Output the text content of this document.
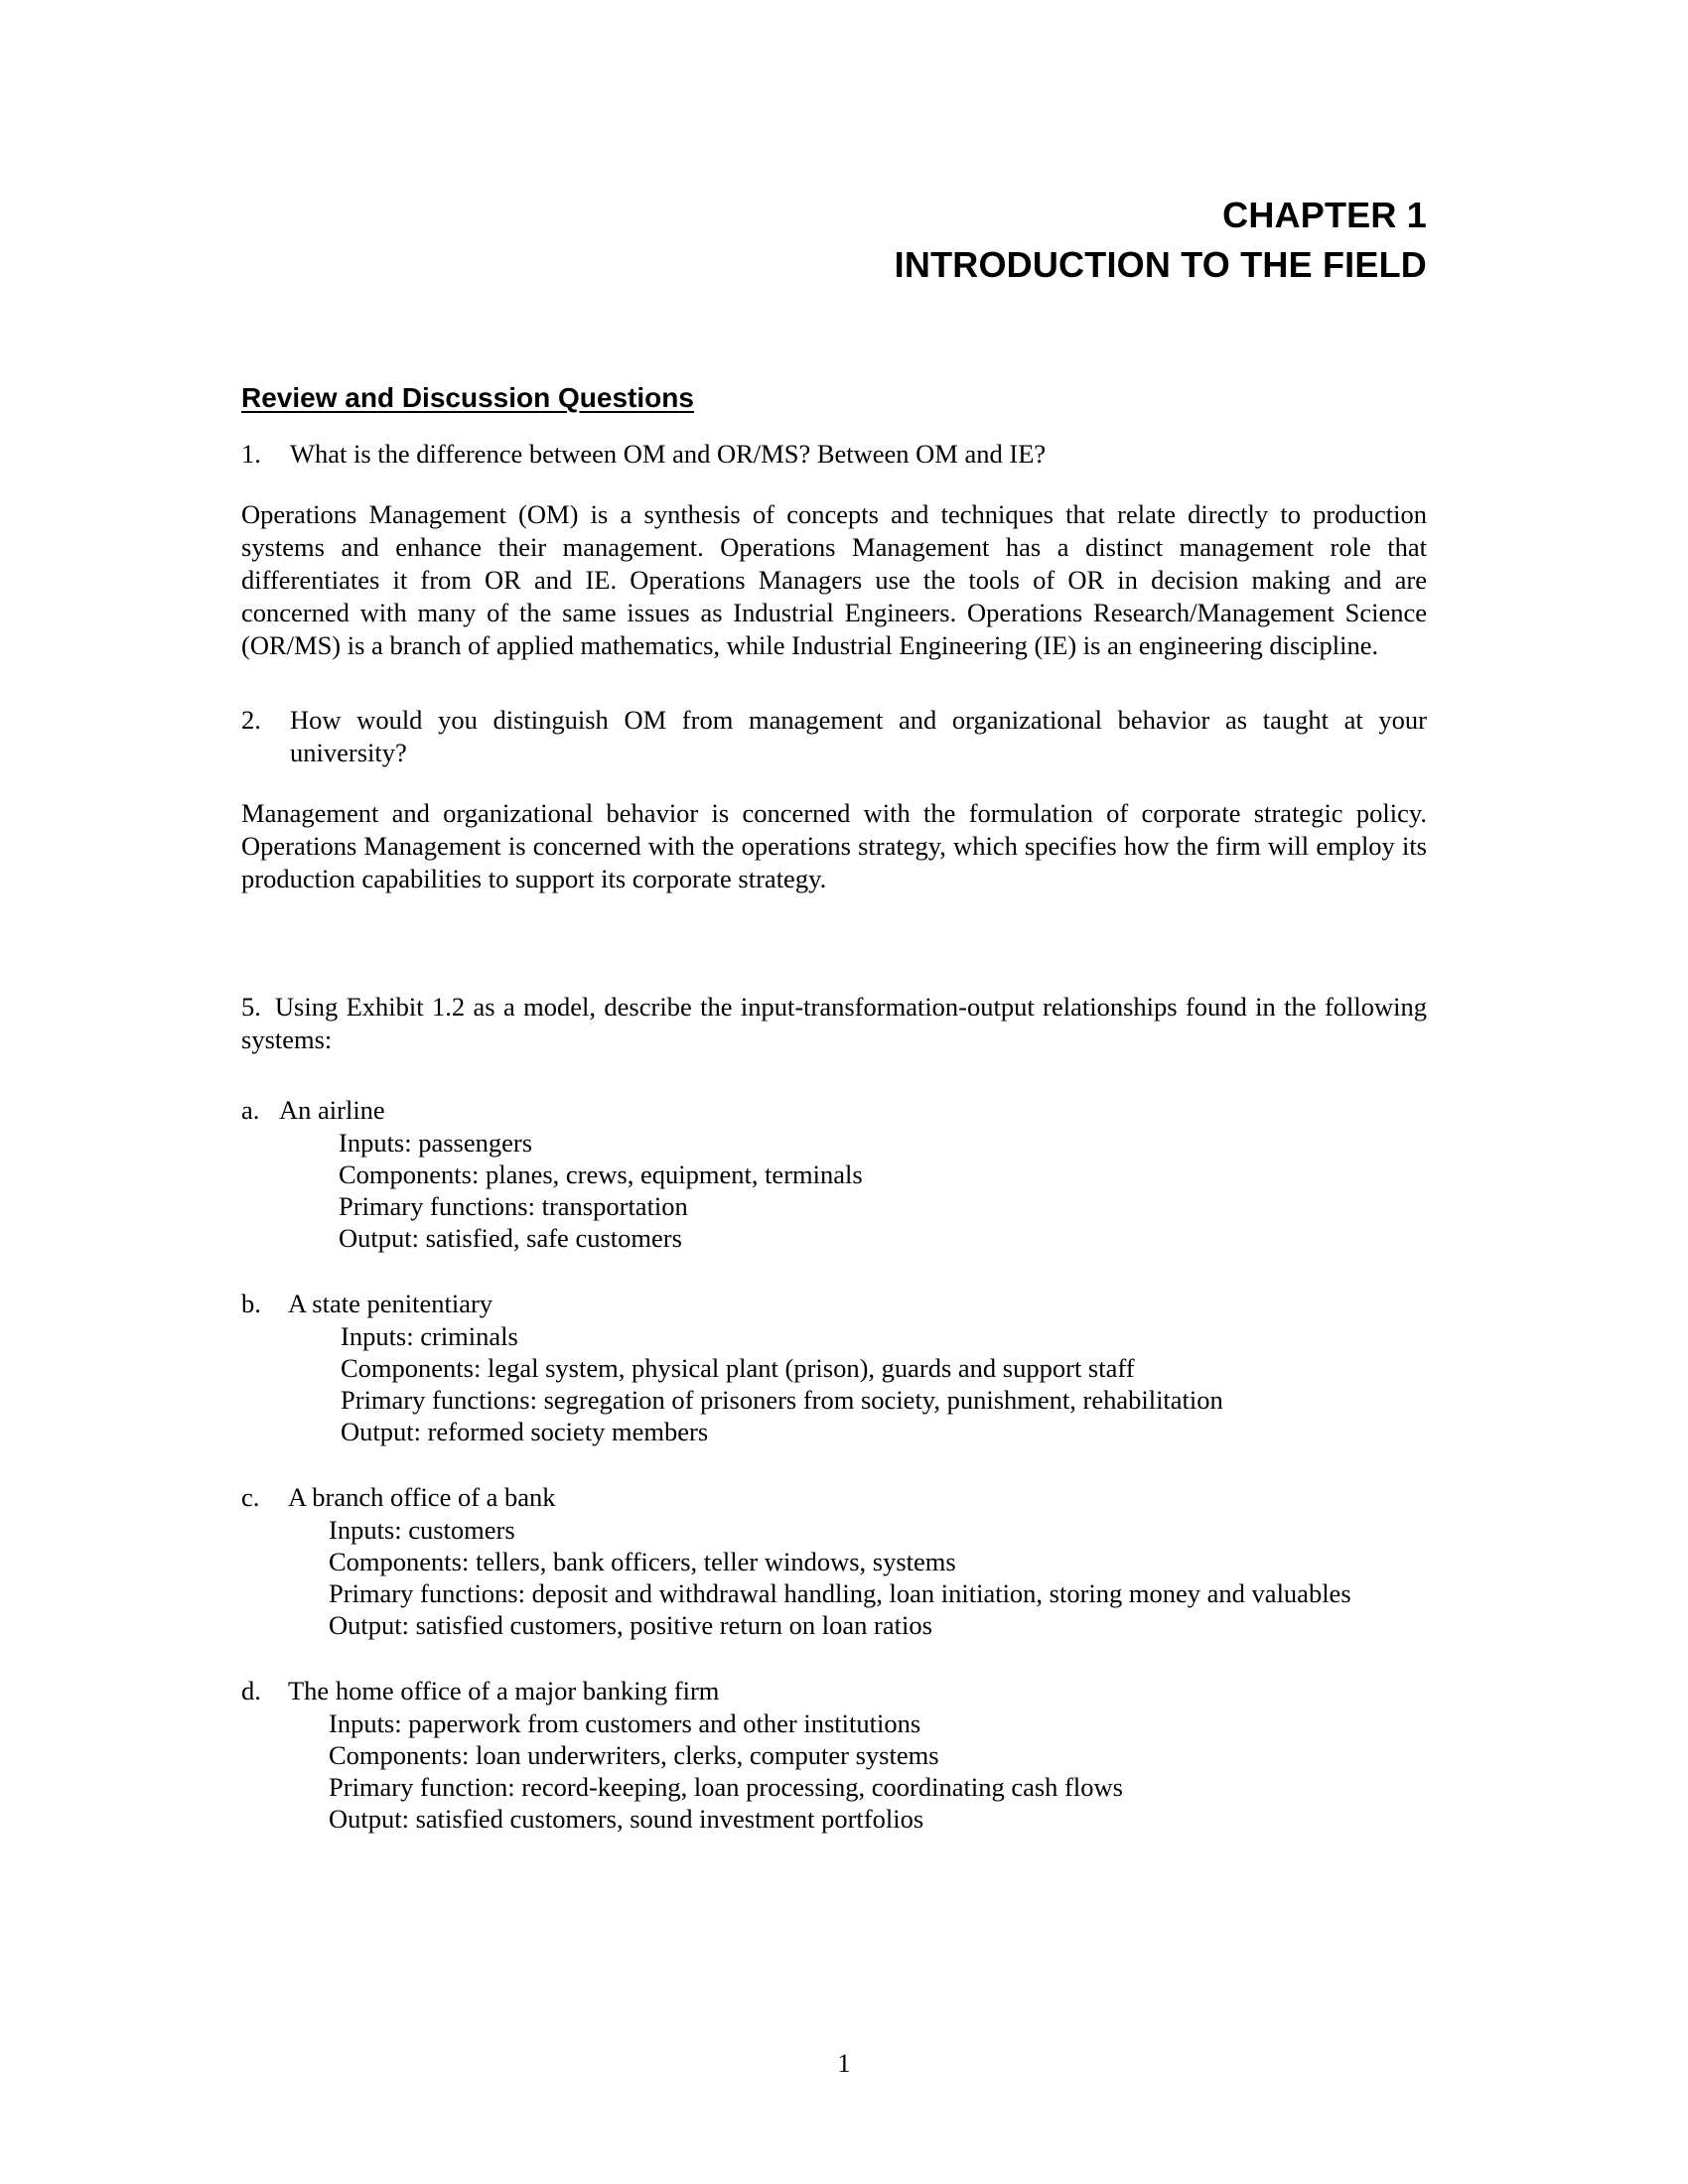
CHAPTER 1
INTRODUCTION TO THE FIELD
Review and Discussion Questions
1. What is the difference between OM and OR/MS? Between OM and IE?
Operations Management (OM) is a synthesis of concepts and techniques that relate directly to production systems and enhance their management. Operations Management has a distinct management role that differentiates it from OR and IE. Operations Managers use the tools of OR in decision making and are concerned with many of the same issues as Industrial Engineers. Operations Research/Management Science (OR/MS) is a branch of applied mathematics, while Industrial Engineering (IE) is an engineering discipline.
2. How would you distinguish OM from management and organizational behavior as taught at your university?
Management and organizational behavior is concerned with the formulation of corporate strategic policy. Operations Management is concerned with the operations strategy, which specifies how the firm will employ its production capabilities to support its corporate strategy.
5. Using Exhibit 1.2 as a model, describe the input-transformation-output relationships found in the following systems:
a. An airline
Inputs: passengers
Components: planes, crews, equipment, terminals
Primary functions: transportation
Output: satisfied, safe customers
b. A state penitentiary
Inputs: criminals
Components: legal system, physical plant (prison), guards and support staff
Primary functions: segregation of prisoners from society, punishment, rehabilitation
Output: reformed society members
c. A branch office of a bank
Inputs: customers
Components: tellers, bank officers, teller windows, systems
Primary functions: deposit and withdrawal handling, loan initiation, storing money and valuables
Output: satisfied customers, positive return on loan ratios
d. The home office of a major banking firm
Inputs: paperwork from customers and other institutions
Components: loan underwriters, clerks, computer systems
Primary function: record-keeping, loan processing, coordinating cash flows
Output: satisfied customers, sound investment portfolios
1
